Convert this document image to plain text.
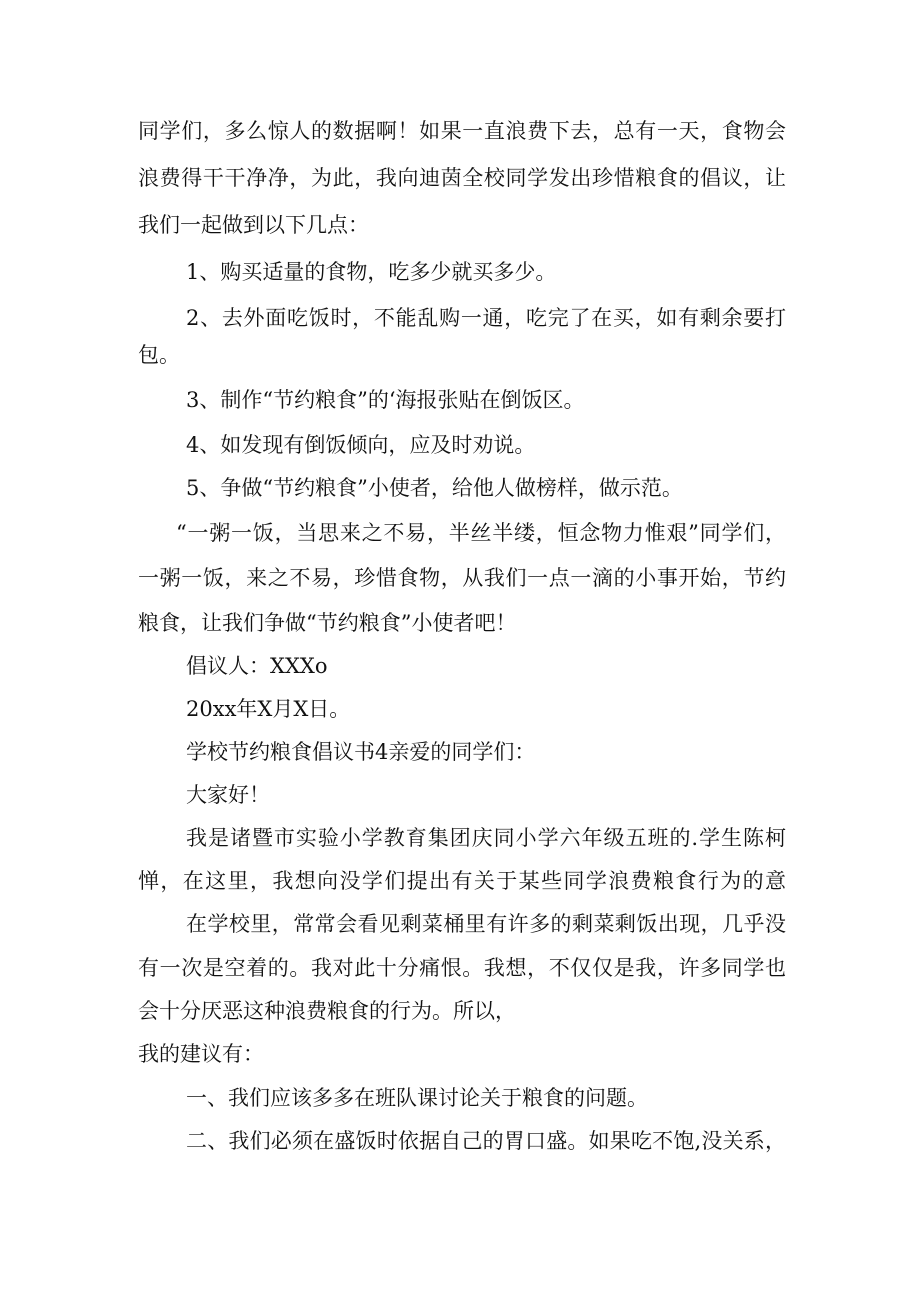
同学们，多么惊人的数据啊！如果一直浪费下去，总有一天，食物会
浪费得干干净净，为此，我向迪茵全校同学发出珍惜粮食的倡议，让
我们一起做到以下几点：
1、购买适量的食物，吃多少就买多少。
2、去外面吃饭时，不能乱购一通，吃完了在买，如有剩余要打
包。
3、制作“节约粮食”的‘海报张贴在倒饭区。
4、如发现有倒饭倾向，应及时劝说。
5、争做“节约粮食”小使者，给他人做榜样，做示范。
“一粥一饭，当思来之不易，半丝半缕，恒念物力惟艰”同学们，
一粥一饭，来之不易，珍惜食物，从我们一点一滴的小事开始，节约
粮食，让我们争做“节约粮食”小使者吧！
倡议人：XXXo
20xx年X月X日。
学校节约粮食倡议书4亲爱的同学们：
大家好！
我是诸暨市实验小学教育集团庆同小学六年级五班的.学生陈柯
惮，在这里，我想向没学们提出有关于某些同学浪费粮食行为的意
在学校里，常常会看见剩菜桶里有许多的剩菜剩饭出现，几乎没
有一次是空着的。我对此十分痛恨。我想，不仅仅是我，许多同学也
会十分厌恶这种浪费粮食的行为。所以，
我的建议有：
一、我们应该多多在班队课讨论关于粮食的问题。
二、我们必须在盛饭时依据自己的胃口盛。如果吃不饱,没关系，
